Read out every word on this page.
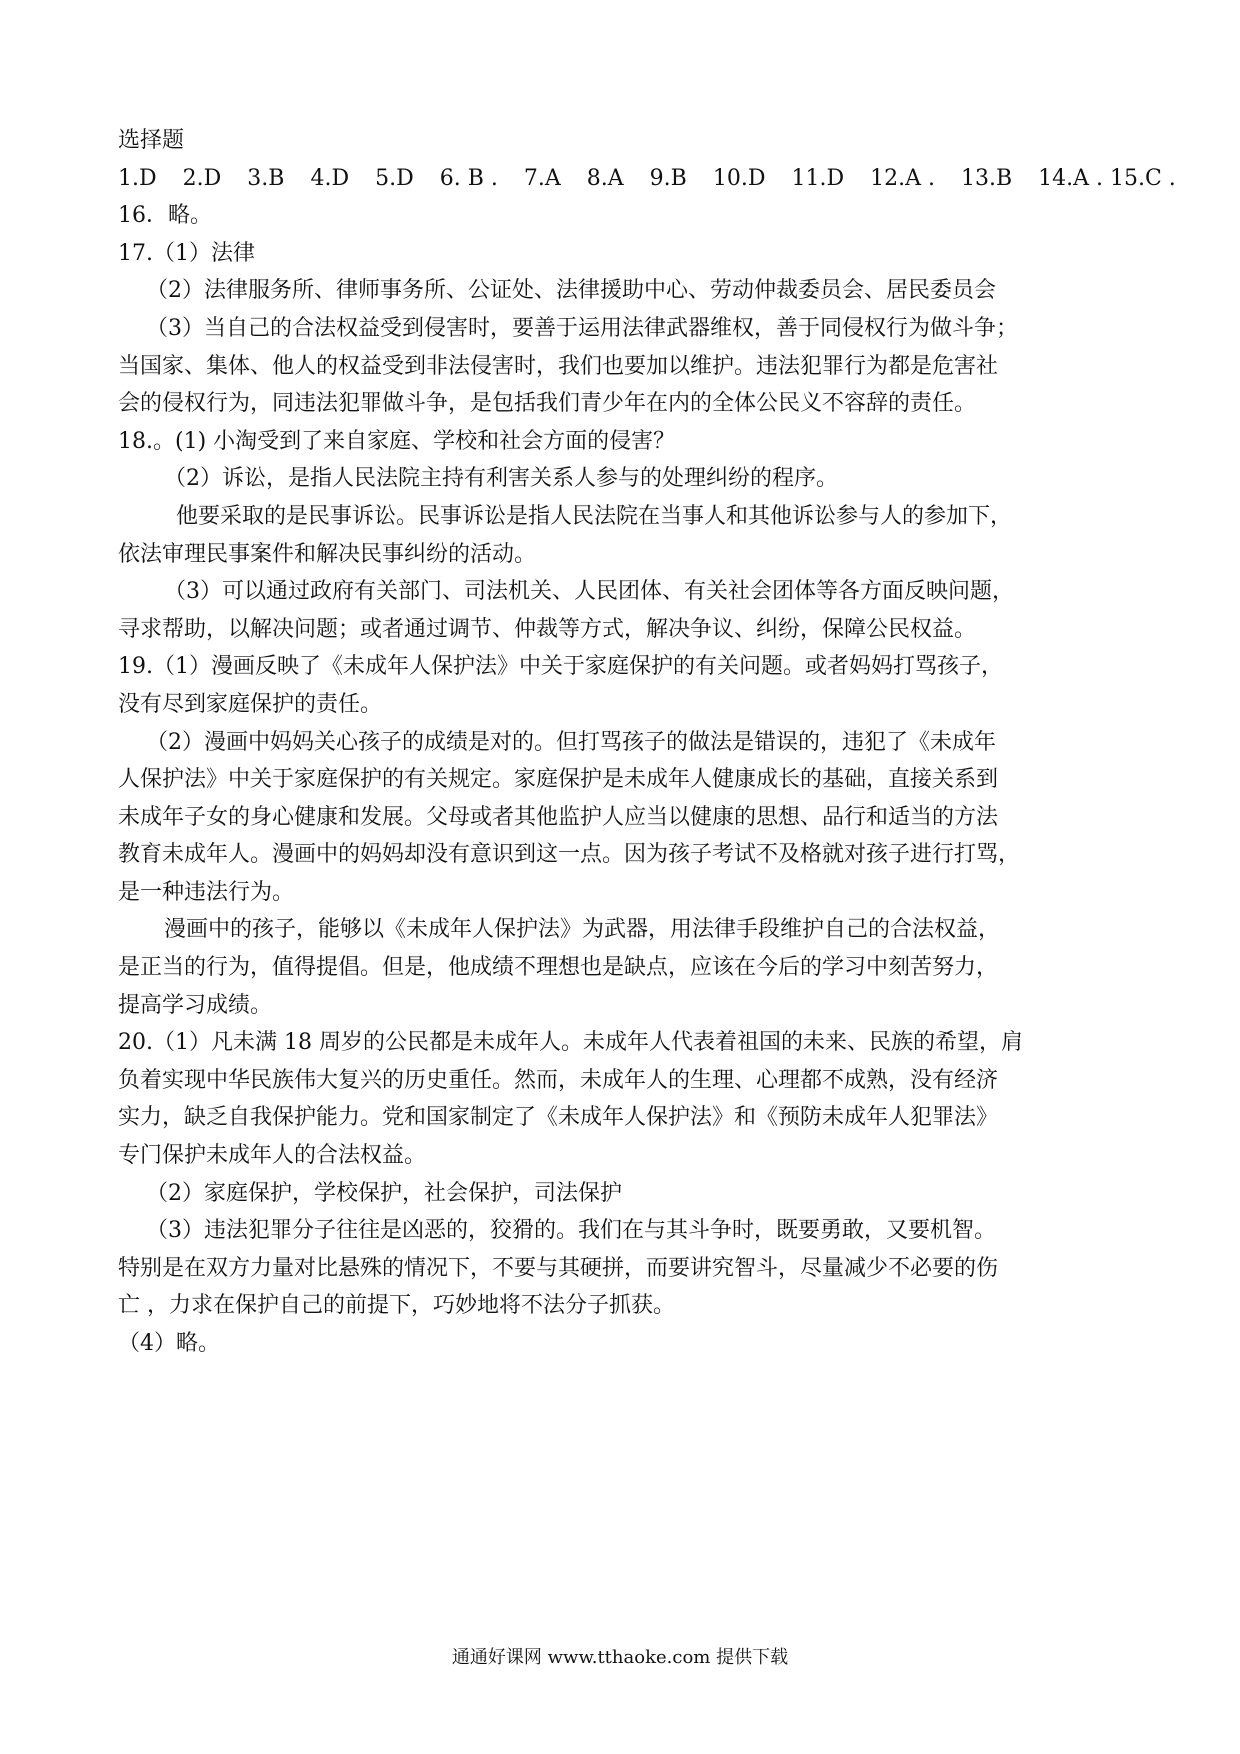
选择题

1.D 2.D 3.B 4.D 5.D 6. B . 7.A 8.A 9.B 10.D 11.D 12.A . 13.B 14.A . 15.C .

16．略。

17.（1）法律

（2）法律服务所、律师事务所、公证处、法律援助中心、劳动仲裁委员会、居民委员会

（3）当自己的合法权益受到侵害时，要善于运用法律武器维权，善于同侵权行为做斗争；

当国家、集体、他人的权益受到非法侵害时，我们也要加以维护。违法犯罪行为都是危害社

会的侵权行为，同违法犯罪做斗争，是包括我们青少年在内的全体公民义不容辞的责任。

18.。(1) 小淘受到了来自家庭、学校和社会方面的侵害？

（2）诉讼，是指人民法院主持有利害关系人参与的处理纠纷的程序。

他要采取的是民事诉讼。民事诉讼是指人民法院在当事人和其他诉讼参与人的参加下，

依法审理民事案件和解决民事纠纷的活动。

（3）可以通过政府有关部门、司法机关、人民团体、有关社会团体等各方面反映问题，

寻求帮助，以解决问题；或者通过调节、仲裁等方式，解决争议、纠纷，保障公民权益。

19.（1）漫画反映了《未成年人保护法》中关于家庭保护的有关问题。或者妈妈打骂孩子，

没有尽到家庭保护的责任。

（2）漫画中妈妈关心孩子的成绩是对的。但打骂孩子的做法是错误的，违犯了《未成年

人保护法》中关于家庭保护的有关规定。家庭保护是未成年人健康成长的基础，直接关系到

未成年子女的身心健康和发展。父母或者其他监护人应当以健康的思想、品行和适当的方法

教育未成年人。漫画中的妈妈却没有意识到这一点。因为孩子考试不及格就对孩子进行打骂，

是一种违法行为。

漫画中的孩子，能够以《未成年人保护法》为武器，用法律手段维护自己的合法权益，

是正当的行为，值得提倡。但是，他成绩不理想也是缺点，应该在今后的学习中刻苦努力，

提高学习成绩。

20.（1）凡未满 18 周岁的公民都是未成年人。未成年人代表着祖国的未来、民族的希望，肩

负着实现中华民族伟大复兴的历史重任。然而，未成年人的生理、心理都不成熟，没有经济

实力，缺乏自我保护能力。党和国家制定了《未成年人保护法》和《预防未成年人犯罪法》

专门保护未成年人的合法权益。

（2）家庭保护，学校保护，社会保护，司法保护

（3）违法犯罪分子往往是凶恶的，狡猾的。我们在与其斗争时，既要勇敢，又要机智。

特别是在双方力量对比悬殊的情况下，不要与其硬拼，而要讲究智斗，尽量减少不必要的伤

亡 ，力求在保护自己的前提下，巧妙地将不法分子抓获。

（4）略。

通通好课网 www.tthaoke.com 提供下载
